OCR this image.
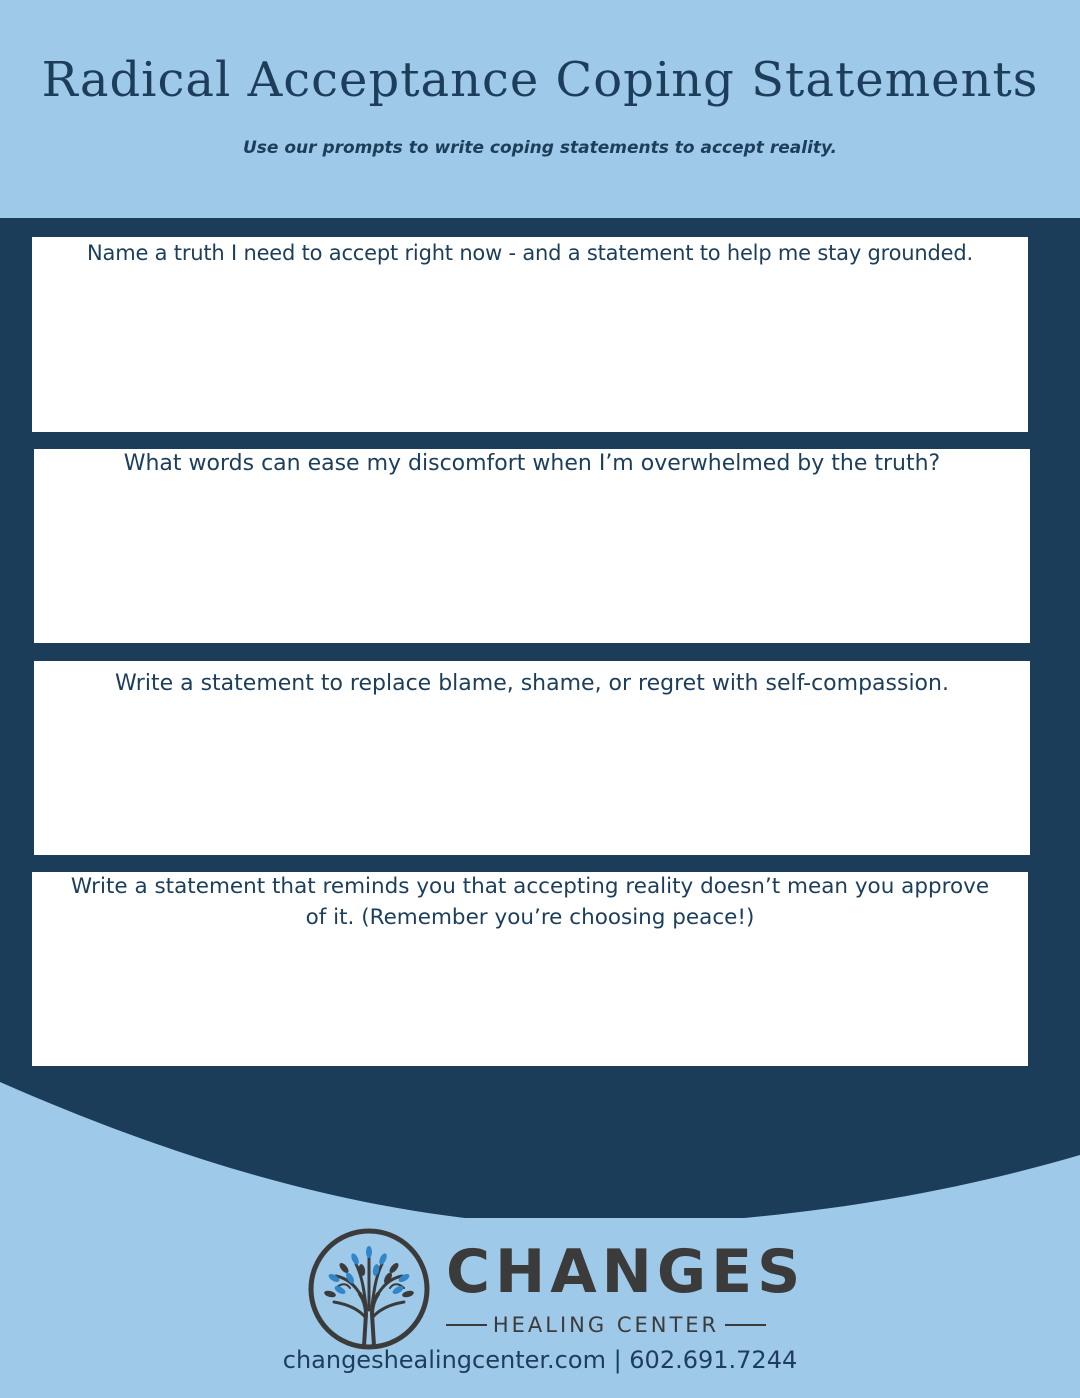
Radical Acceptance Coping Statements
Use our prompts to write coping statements to accept reality.
Name a truth I need to accept right now - and a statement to help me stay grounded.
What words can ease my discomfort when I’m overwhelmed by the truth?
Write a statement to replace blame, shame, or regret with self-compassion.
Write a statement that reminds you that accepting reality doesn’t mean you approve
of it. (Remember you’re choosing peace!)
CHANGES
HEALING CENTER
changeshealingcenter.com | 602.691.7244
